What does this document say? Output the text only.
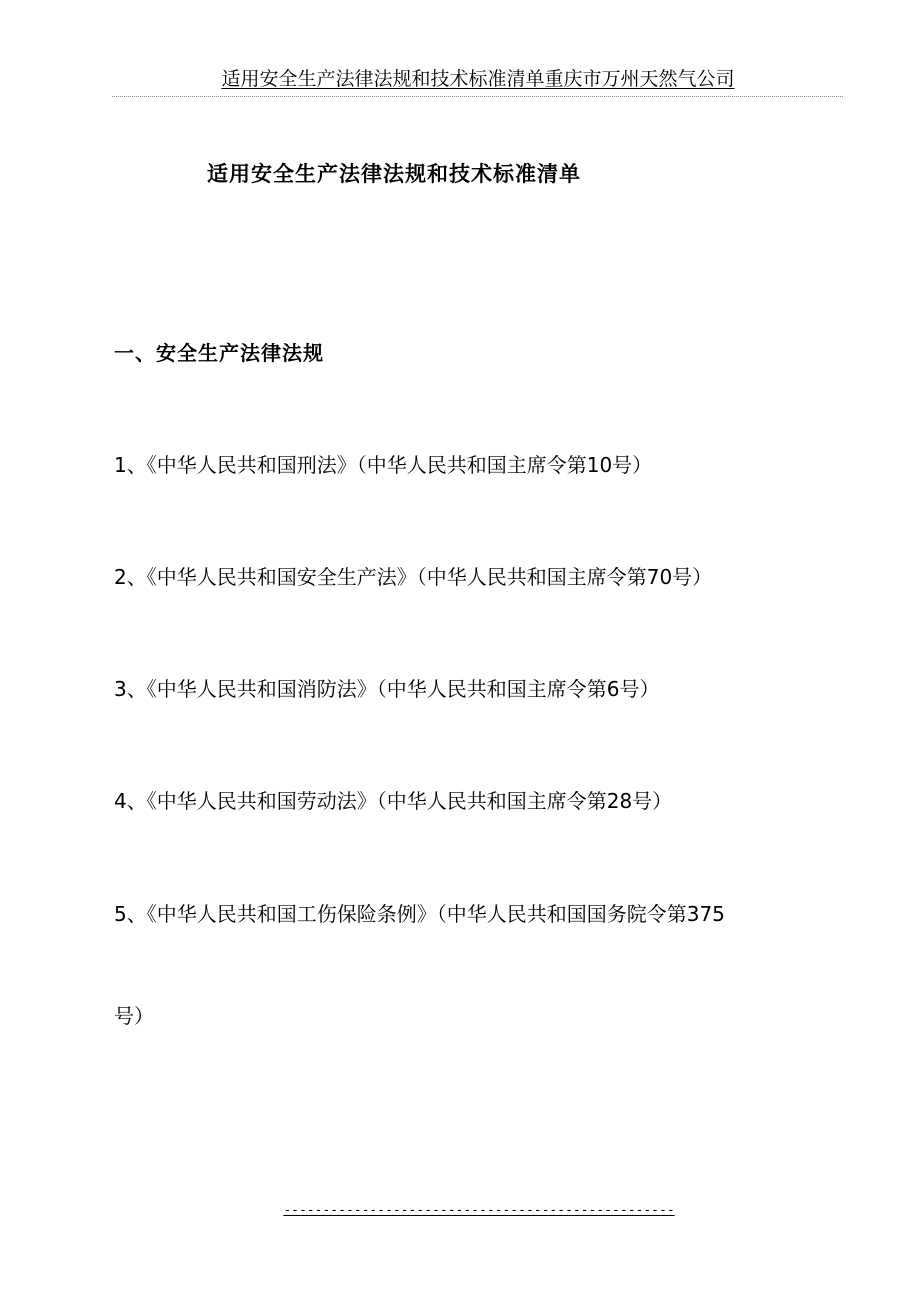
适用安全生产法律法规和技术标准清单重庆市万州天然气公司
适用安全生产法律法规和技术标准清单
一、安全生产法律法规
1、《中华人民共和国刑法》（中华人民共和国主席令第10号）
2、《中华人民共和国安全生产法》（中华人民共和国主席令第70号）
3、《中华人民共和国消防法》（中华人民共和国主席令第6号）
4、《中华人民共和国劳动法》（中华人民共和国主席令第28号）
5、《中华人民共和国工伤保险条例》（中华人民共和国国务院令第375
号）
--------------------------------------------------
